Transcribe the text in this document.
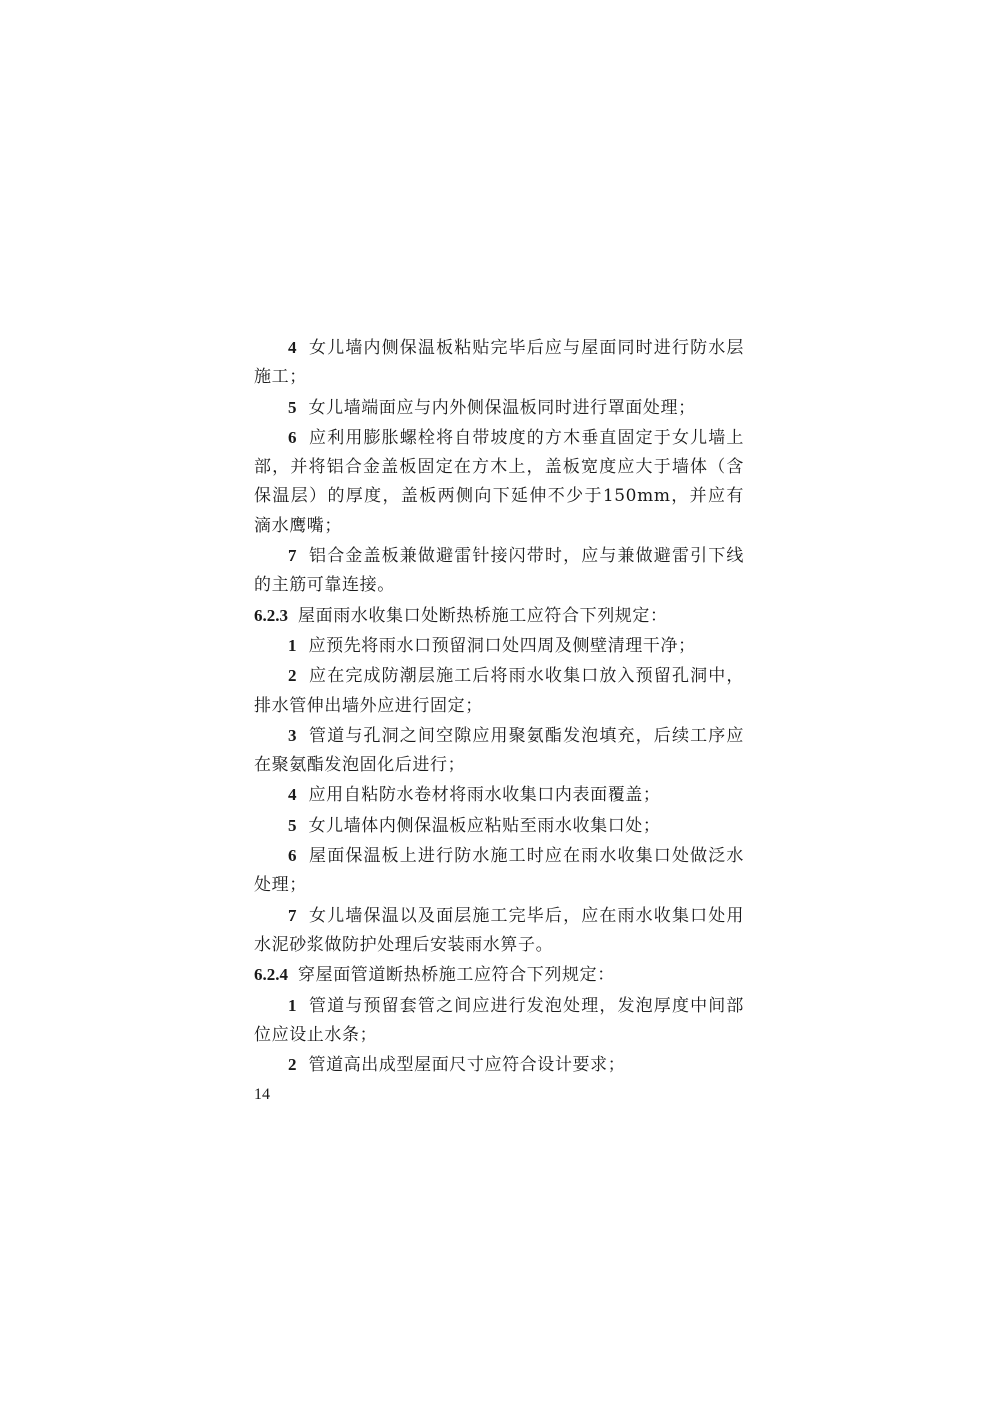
4 女儿墙内侧保温板粘贴完毕后应与屋面同时进行防水层施工；

5 女儿墙端面应与内外侧保温板同时进行罩面处理；

6 应利用膨胀螺栓将自带坡度的方木垂直固定于女儿墙上部，并将铝合金盖板固定在方木上，盖板宽度应大于墙体（含保温层）的厚度，盖板两侧向下延伸不少于150mm，并应有滴水鹰嘴；

7 铝合金盖板兼做避雷针接闪带时，应与兼做避雷引下线的主筋可靠连接。

6.2.3 屋面雨水收集口处断热桥施工应符合下列规定：

1 应预先将雨水口预留洞口处四周及侧壁清理干净；

2 应在完成防潮层施工后将雨水收集口放入预留孔洞中，排水管伸出墙外应进行固定；

3 管道与孔洞之间空隙应用聚氨酯发泡填充，后续工序应在聚氨酯发泡固化后进行；

4 应用自粘防水卷材将雨水收集口内表面覆盖；

5 女儿墙体内侧保温板应粘贴至雨水收集口处；

6 屋面保温板上进行防水施工时应在雨水收集口处做泛水处理；

7 女儿墙保温以及面层施工完毕后，应在雨水收集口处用水泥砂浆做防护处理后安装雨水箅子。

6.2.4 穿屋面管道断热桥施工应符合下列规定：

1 管道与预留套管之间应进行发泡处理，发泡厚度中间部位应设止水条；

2 管道高出成型屋面尺寸应符合设计要求；

14
